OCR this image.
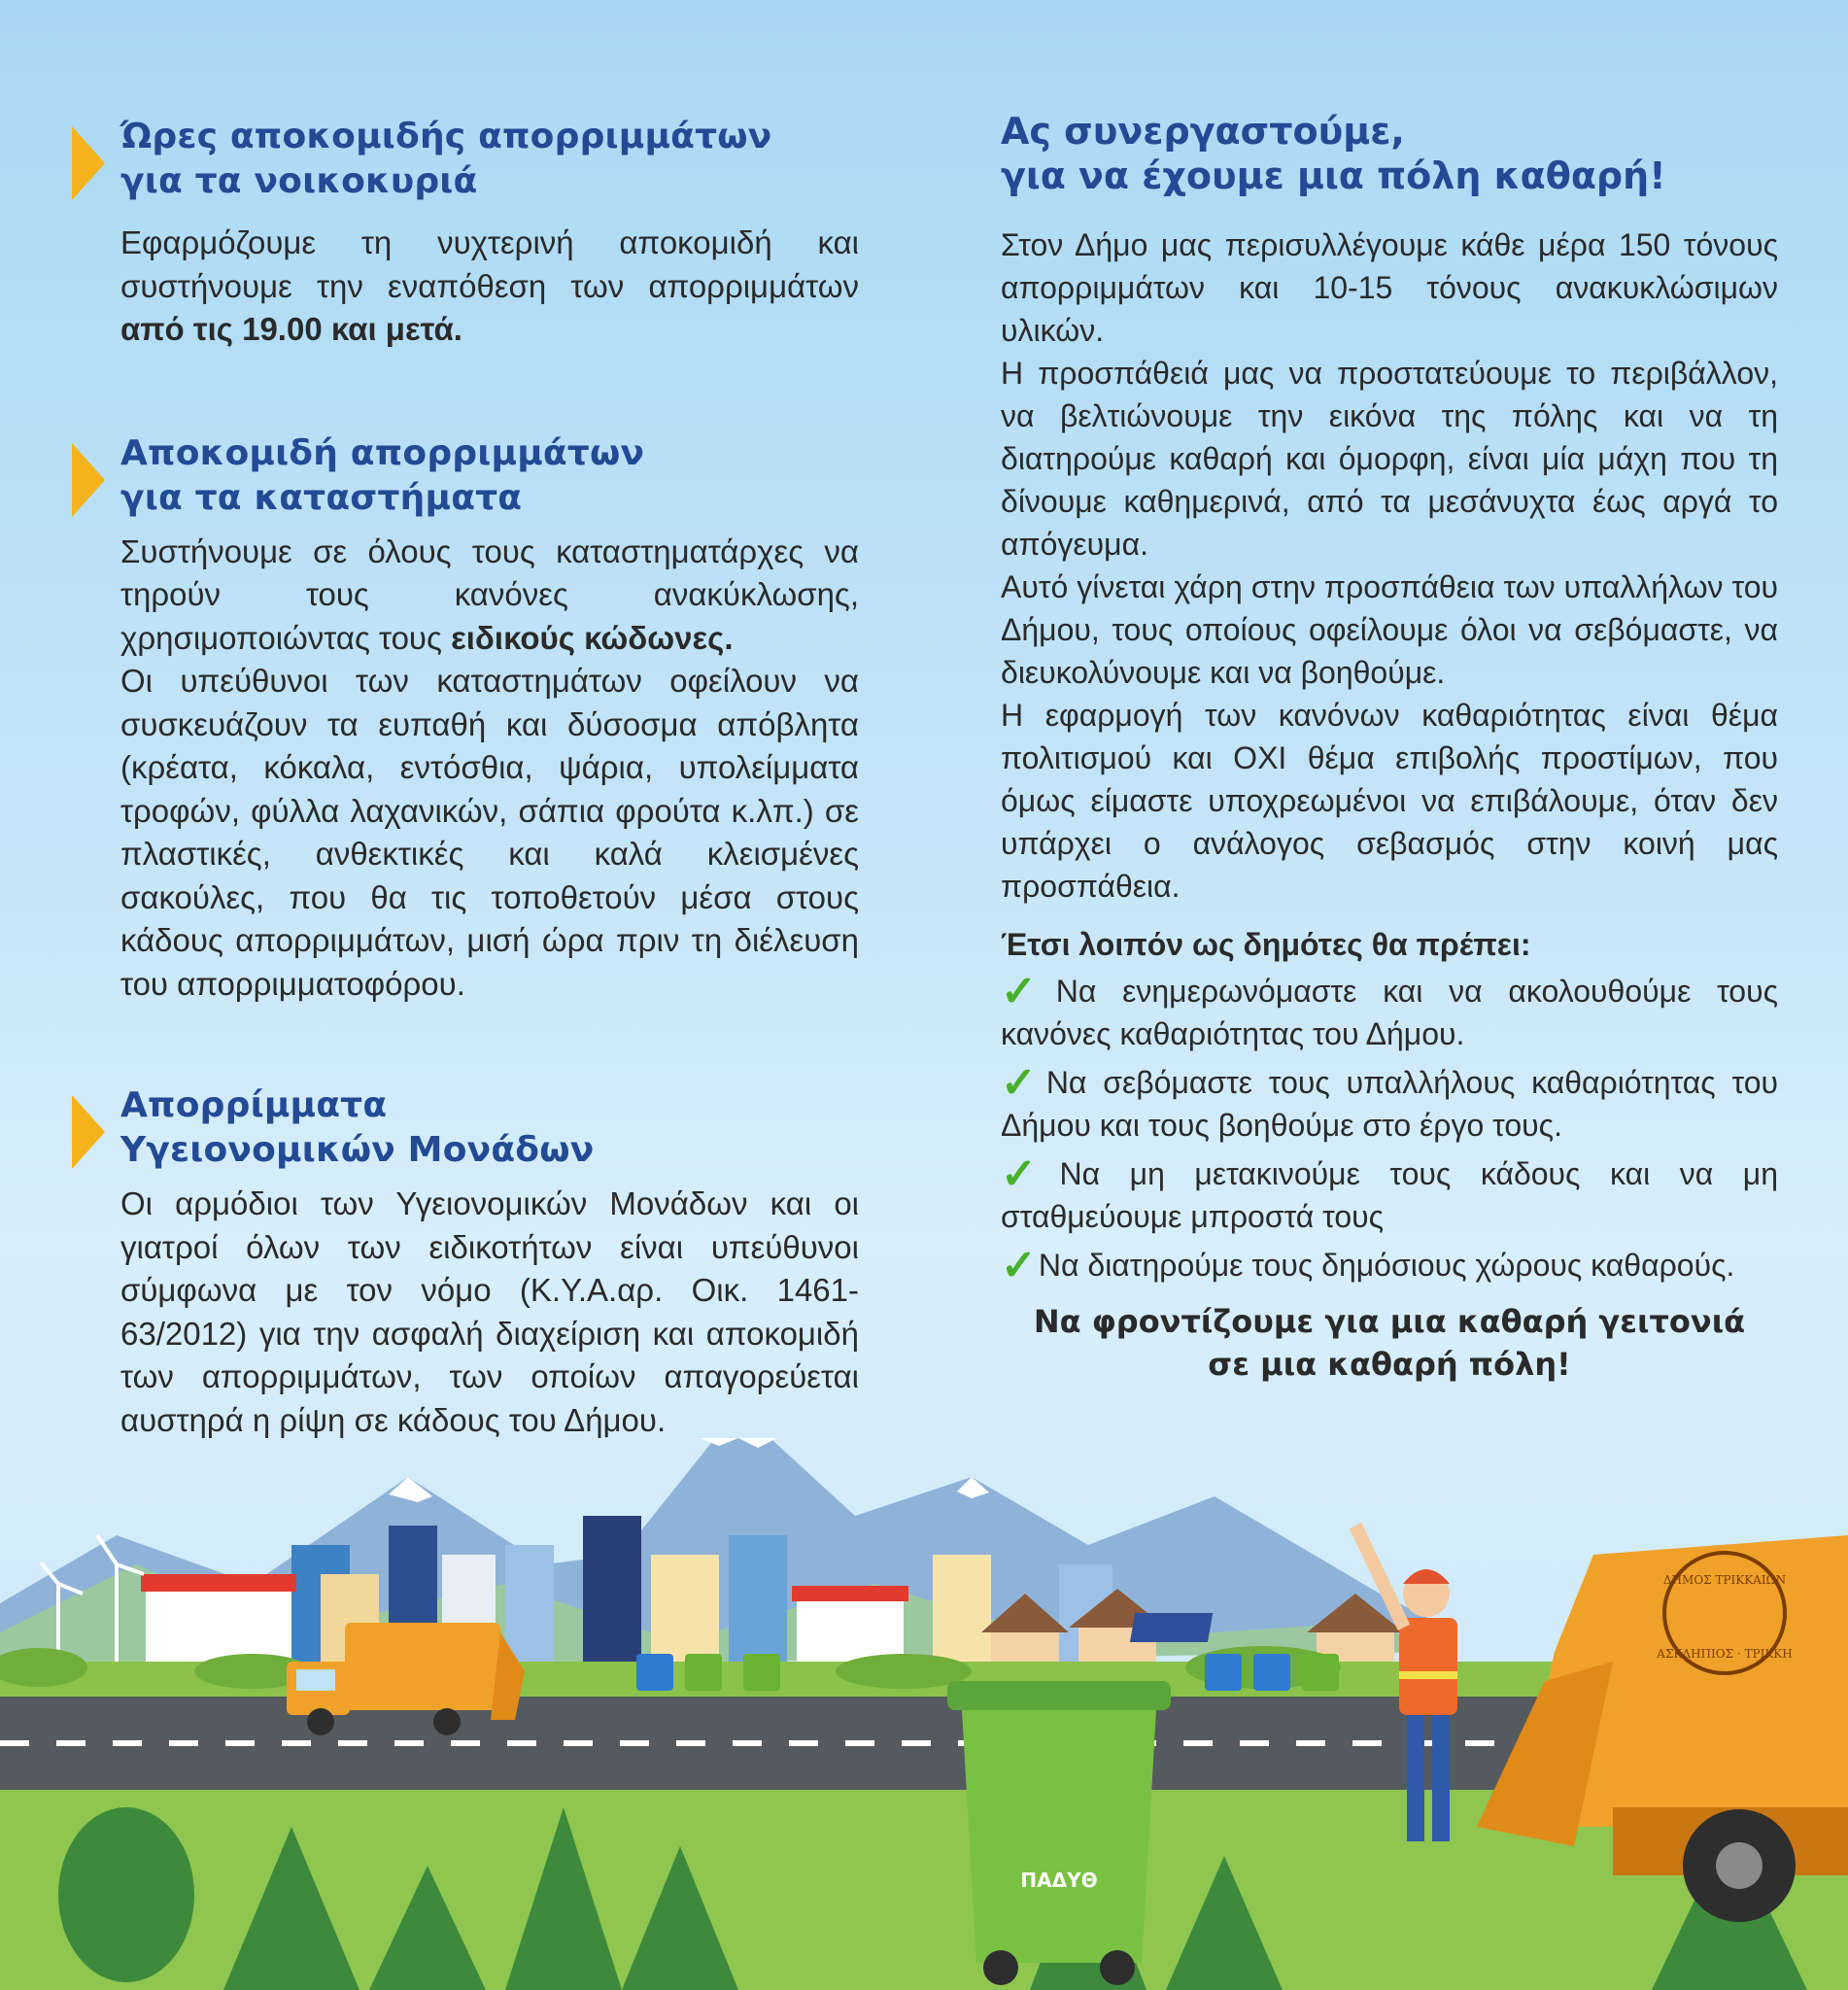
Ώρες αποκομιδής απορριμμάτων
για τα νοικοκυριά

Εφαρμόζουμε τη νυχτερινή αποκομιδή και συστήνουμε την εναπόθεση των απορριμμάτων από τις 19.00 και μετά.

Αποκομιδή απορριμμάτων
για τα καταστήματα

Συστήνουμε σε όλους τους καταστηματάρχες να τηρούν τους κανόνες ανακύκλωσης, χρησιμοποιώντας τους ειδικούς κώδωνες.

Οι υπεύθυνοι των καταστημάτων οφείλουν να συσκευάζουν τα ευπαθή και δύσοσμα απόβλητα (κρέατα, κόκαλα, εντόσθια, ψάρια, υπολείμματα τροφών, φύλλα λαχανικών, σάπια φρούτα κ.λπ.) σε πλαστικές, ανθεκτικές και καλά κλεισμένες σακούλες, που θα τις τοποθετούν μέσα στους κάδους απορριμμάτων, μισή ώρα πριν τη διέλευση του απορριμματοφόρου.

Απορρίμματα
Υγειονομικών Μονάδων

Οι αρμόδιοι των Υγειονομικών Μονάδων και οι γιατροί όλων των ειδικοτήτων είναι υπεύθυνοι σύμφωνα με τον νόμο (Κ.Υ.Α.αρ. Οικ. 1461-63/2012) για την ασφαλή διαχείριση και αποκομιδή των απορριμμάτων, των οποίων απαγορεύεται αυστηρά η ρίψη σε κάδους του Δήμου.

Ας συνεργαστούμε,
για να έχουμε μια πόλη καθαρή!

Στον Δήμο μας περισυλλέγουμε κάθε μέρα 150 τόνους απορριμμάτων και 10-15 τόνους ανακυκλώσιμων υλικών.

Η προσπάθειά μας να προστατεύουμε το περιβάλλον, να βελτιώνουμε την εικόνα της πόλης και να τη διατηρούμε καθαρή και όμορφη, είναι μία μάχη που τη δίνουμε καθημερινά, από τα μεσάνυχτα έως αργά το απόγευμα.

Αυτό γίνεται χάρη στην προσπάθεια των υπαλλήλων του Δήμου, τους οποίους οφείλουμε όλοι να σεβόμαστε, να διευκολύνουμε και να βοηθούμε.

Η εφαρμογή των κανόνων καθαριότητας είναι θέμα πολιτισμού και ΟΧΙ θέμα επιβολής προστίμων, που όμως είμαστε υποχρεωμένοι να επιβάλουμε, όταν δεν υπάρχει ο ανάλογος σεβασμός στην κοινή μας προσπάθεια.

Έτσι λοιπόν ως δημότες θα πρέπει:
✓Να ενημερωνόμαστε και να ακολουθούμε τους κανόνες καθαριότητας του Δήμου.
✓Να σεβόμαστε τους υπαλλήλους καθαριότητας του Δήμου και τους βοηθούμε στο έργο τους.
✓Να μη μετακινούμε τους κάδους και να μη σταθμεύουμε μπροστά τους
✓Να διατηρούμε τους δημόσιους χώρους καθαρούς.
Να φροντίζουμε για μια καθαρή γειτονιά
σε μια καθαρή πόλη!
ΠΑΔΥΘ
ΔΗΜΟΣ ΤΡΙΚΚΑΙΩΝ
ΑΣΚΛΗΠΙΟΣ · ΤΡΙΚΚΗ
